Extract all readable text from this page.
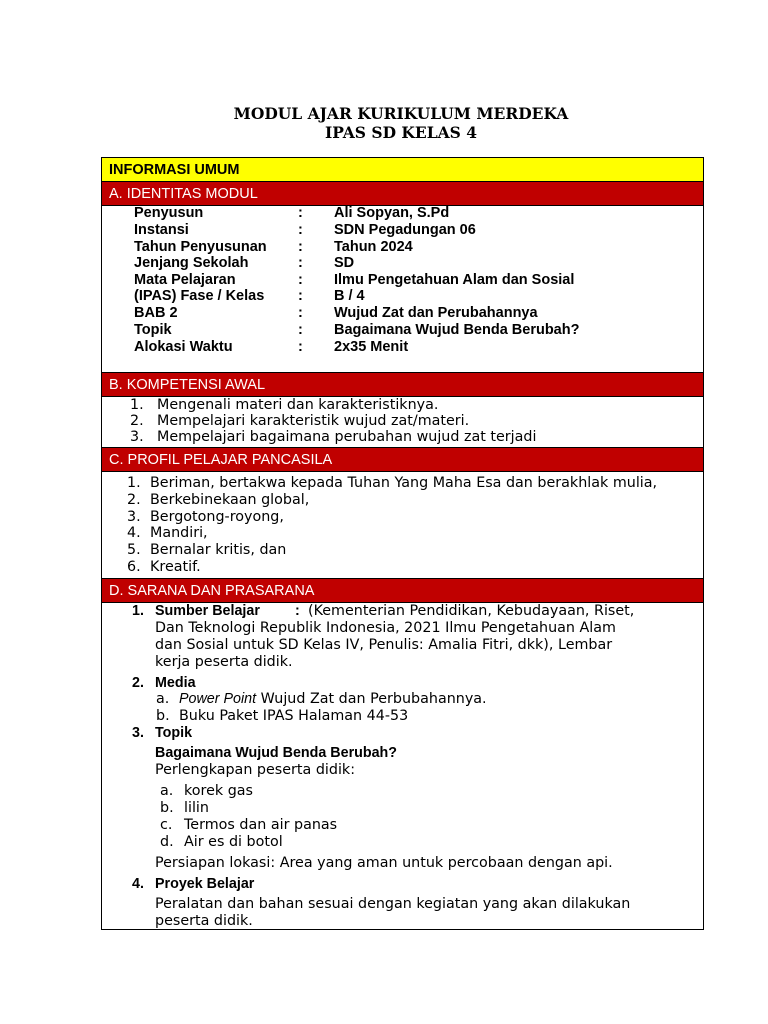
MODUL AJAR KURIKULUM MERDEKA
IPAS SD KELAS 4
INFORMASI UMUM
A. IDENTITAS MODUL
Penyusun	: Ali Sopyan, S.Pd
Instansi	: SDN Pegadungan 06
Tahun Penyusunan : Tahun 2024
Jenjang Sekolah	: SD
Mata Pelajaran	: Ilmu Pengetahuan Alam dan Sosial
(IPAS) Fase / Kelas : B / 4
BAB 2	: Wujud Zat dan Perubahannya
Topik	: Bagaimana Wujud Benda Berubah?
Alokasi Waktu	: 2x35 Menit
B. KOMPETENSI AWAL
1. Mengenali materi dan karakteristiknya.
2. Mempelajari karakteristik wujud zat/materi.
3. Mempelajari bagaimana perubahan wujud zat terjadi
C. PROFIL PELAJAR PANCASILA
1. Beriman, bertakwa kepada Tuhan Yang Maha Esa dan berakhlak mulia,
2. Berkebinekaan global,
3. Bergotong-royong,
4. Mandiri,
5. Bernalar kritis, dan
6. Kreatif.
D. SARANA DAN PRASARANA
1. Sumber Belajar : (Kementerian Pendidikan, Kebudayaan, Riset,
Dan Teknologi Republik Indonesia, 2021 Ilmu Pengetahuan Alam
dan Sosial untuk SD Kelas IV, Penulis: Amalia Fitri, dkk), Lembar
kerja peserta didik.
2. Media
a. Power Point Wujud Zat dan Perbubahannya.
b. Buku Paket IPAS Halaman 44-53
3. Topik
Bagaimana Wujud Benda Berubah?
Perlengkapan peserta didik:
a. korek gas
b. lilin
c. Termos dan air panas
d. Air es di botol
Persiapan lokasi: Area yang aman untuk percobaan dengan api.
4. Proyek Belajar
Peralatan dan bahan sesuai dengan kegiatan yang akan dilakukan
peserta didik.
